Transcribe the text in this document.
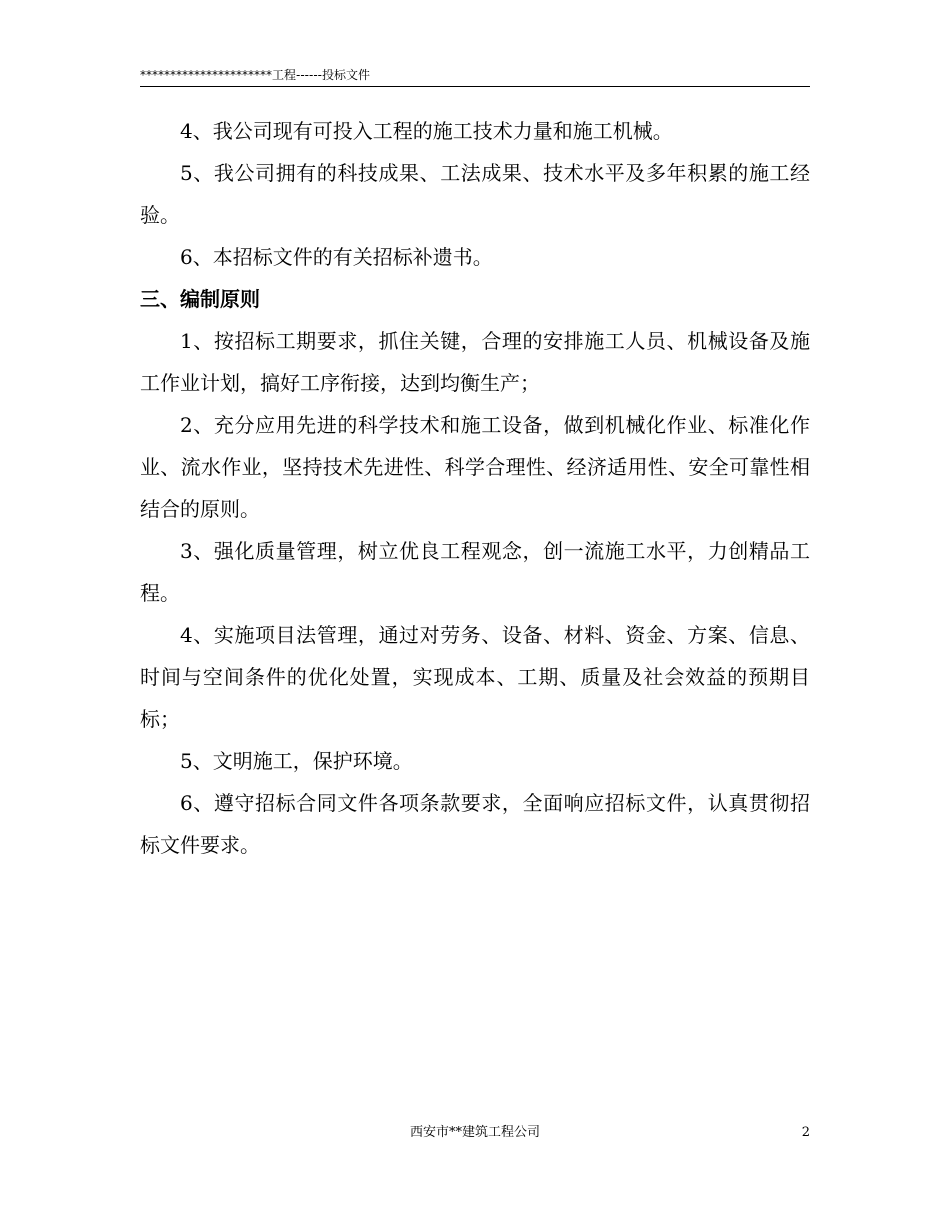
**********************工程------投标文件

4、我公司现有可投入工程的施工技术力量和施工机械。

5、我公司拥有的科技成果、工法成果、技术水平及多年积累的施工经验。

6、本招标文件的有关招标补遗书。

三、编制原则

1、按招标工期要求，抓住关键，合理的安排施工人员、机械设备及施工作业计划，搞好工序衔接，达到均衡生产；

2、充分应用先进的科学技术和施工设备，做到机械化作业、标准化作业、流水作业，坚持技术先进性、科学合理性、经济适用性、安全可靠性相结合的原则。

3、强化质量管理，树立优良工程观念，创一流施工水平，力创精品工程。

4、实施项目法管理，通过对劳务、设备、材料、资金、方案、信息、时间与空间条件的优化处置，实现成本、工期、质量及社会效益的预期目标；

5、文明施工，保护环境。

6、遵守招标合同文件各项条款要求，全面响应招标文件，认真贯彻招标文件要求。

西安市**建筑工程公司	2
